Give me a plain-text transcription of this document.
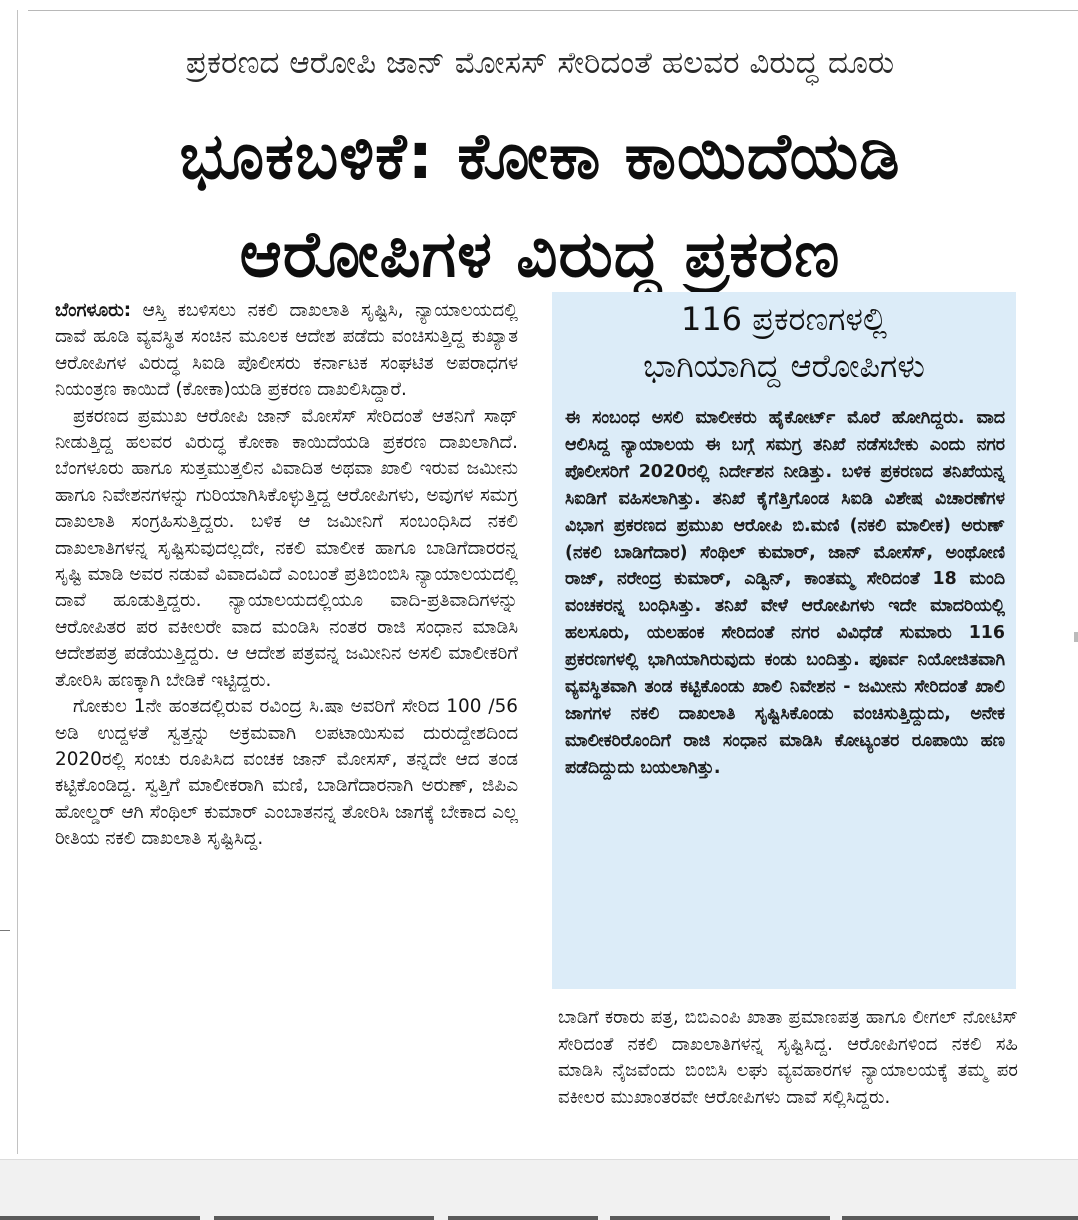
ಪ್ರಕರಣದ ಆರೋಪಿ ಜಾನ್ ಮೋಸಸ್ ಸೇರಿದಂತೆ ಹಲವರ ವಿರುದ್ಧ ದೂರು
ಭೂಕಬಳಿಕೆ: ಕೋಕಾ ಕಾಯಿದೆಯಡಿ
ಆರೋಪಿಗಳ ವಿರುದ್ಧ ಪ್ರಕರಣ

ಬೆಂಗಳೂರು: ಆಸ್ತಿ ಕಬಳಿಸಲು ನಕಲಿ ದಾಖಲಾತಿ ಸೃಷ್ಟಿಸಿ, ನ್ಯಾಯಾಲಯದಲ್ಲಿ ದಾವೆ ಹೂಡಿ ವ್ಯವಸ್ಥಿತ ಸಂಚಿನ ಮೂಲಕ ಆದೇಶ ಪಡೆದು ವಂಚಿಸುತ್ತಿದ್ದ ಕುಖ್ಯಾತ ಆರೋಪಿಗಳ ವಿರುದ್ಧ ಸಿಐಡಿ ಪೊಲೀಸರು ಕರ್ನಾಟಕ ಸಂಘಟಿತ ಅಪರಾಧಗಳ ನಿಯಂತ್ರಣ ಕಾಯಿದೆ (ಕೋಕಾ)ಯಡಿ ಪ್ರಕರಣ ದಾಖಲಿಸಿದ್ದಾರೆ.

ಪ್ರಕರಣದ ಪ್ರಮುಖ ಆರೋಪಿ ಜಾನ್ ಮೋಸೆಸ್ ಸೇರಿದಂತೆ ಆತನಿಗೆ ಸಾಥ್ ನೀಡುತ್ತಿದ್ದ ಹಲವರ ವಿರುದ್ಧ ಕೋಕಾ ಕಾಯಿದೆಯಡಿ ಪ್ರಕರಣ ದಾಖಲಾಗಿದೆ. ಬೆಂಗಳೂರು ಹಾಗೂ ಸುತ್ತಮುತ್ತಲಿನ ವಿವಾದಿತ ಅಥವಾ ಖಾಲಿ ಇರುವ ಜಮೀನು ಹಾಗೂ ನಿವೇಶನಗಳನ್ನು ಗುರಿಯಾಗಿಸಿಕೊಳ್ಳುತ್ತಿದ್ದ ಆರೋಪಿಗಳು, ಅವುಗಳ ಸಮಗ್ರ ದಾಖಲಾತಿ ಸಂಗ್ರಹಿಸುತ್ತಿದ್ದರು. ಬಳಿಕ ಆ ಜಮೀನಿಗೆ ಸಂಬಂಧಿಸಿದ ನಕಲಿ ದಾಖಲಾತಿಗಳನ್ನ ಸೃಷ್ಟಿಸುವುದಲ್ಲದೇ, ನಕಲಿ ಮಾಲೀಕ ಹಾಗೂ ಬಾಡಿಗೆದಾರರನ್ನ ಸೃಷ್ಟಿ ಮಾಡಿ ಅವರ ನಡುವೆ ವಿವಾದವಿದೆ ಎಂಬಂತೆ ಪ್ರತಿಬಿಂಬಿಸಿ ನ್ಯಾಯಾಲಯದಲ್ಲಿ ದಾವೆ ಹೂಡುತ್ತಿದ್ದರು. ನ್ಯಾಯಾಲಯದಲ್ಲಿಯೂ ವಾದಿ-ಪ್ರತಿವಾದಿಗಳನ್ನು ಆರೋಪಿತರ ಪರ ವಕೀಲರೇ ವಾದ ಮಂಡಿಸಿ ನಂತರ ರಾಜಿ ಸಂಧಾನ ಮಾಡಿಸಿ ಆದೇಶಪತ್ರ ಪಡೆಯುತ್ತಿದ್ದರು. ಆ ಆದೇಶ ಪತ್ರವನ್ನ ಜಮೀನಿನ ಅಸಲಿ ಮಾಲೀಕರಿಗೆ ತೋರಿಸಿ ಹಣಕ್ಕಾಗಿ ಬೇಡಿಕೆ ಇಟ್ಟಿದ್ದರು.

ಗೋಕುಲ 1ನೇ ಹಂತದಲ್ಲಿರುವ ರವಿಂದ್ರ ಸಿ.ಷಾ ಅವರಿಗೆ ಸೇರಿದ 100 /56 ಅಡಿ ಉದ್ದಳತೆ ಸ್ವತ್ತನ್ನು ಅಕ್ರಮವಾಗಿ ಲಪಟಾಯಿಸುವ ದುರುದ್ದೇಶದಿಂದ 2020ರಲ್ಲಿ ಸಂಚು ರೂಪಿಸಿದ ವಂಚಕ ಜಾನ್ ಮೋಸಸ್, ತನ್ನದೇ ಆದ ತಂಡ ಕಟ್ಟಿಕೊಂಡಿದ್ದ. ಸ್ವತ್ತಿಗೆ ಮಾಲೀಕರಾಗಿ ಮಣಿ, ಬಾಡಿಗೆದಾರನಾಗಿ ಅರುಣ್, ಜಿಪಿಎ ಹೋಲ್ಡರ್ ಆಗಿ ಸೆಂಥಿಲ್ ಕುಮಾರ್ ಎಂಬಾತನನ್ನ ತೋರಿಸಿ ಜಾಗಕ್ಕೆ ಬೇಕಾದ ಎಲ್ಲ ರೀತಿಯ ನಕಲಿ ದಾಖಲಾತಿ ಸೃಷ್ಟಿಸಿದ್ದ.

116 ಪ್ರಕರಣಗಳಲ್ಲಿ
ಭಾಗಿಯಾಗಿದ್ದ ಆರೋಪಿಗಳು
ಈ ಸಂಬಂಧ ಅಸಲಿ ಮಾಲೀಕರು ಹೈಕೋರ್ಟ್ ಮೊರೆ ಹೋಗಿದ್ದರು. ವಾದ ಆಲಿಸಿದ್ದ ನ್ಯಾಯಾಲಯ ಈ ಬಗ್ಗೆ ಸಮಗ್ರ ತನಿಖೆ ನಡೆಸಬೇಕು ಎಂದು ನಗರ ಪೊಲೀಸರಿಗೆ 2020ರಲ್ಲಿ ನಿರ್ದೇಶನ ನೀಡಿತ್ತು. ಬಳಿಕ ಪ್ರಕರಣದ ತನಿಖೆಯನ್ನ ಸಿಐಡಿಗೆ ವಹಿಸಲಾಗಿತ್ತು. ತನಿಖೆ ಕೈಗೆತ್ತಿಗೊಂಡ ಸಿಐಡಿ ವಿಶೇಷ ವಿಚಾರಣೆಗಳ ವಿಭಾಗ ಪ್ರಕರಣದ ಪ್ರಮುಖ ಆರೋಪಿ ಬಿ.ಮಣಿ (ನಕಲಿ ಮಾಲೀಕ) ಅರುಣ್ (ನಕಲಿ ಬಾಡಿಗೆದಾರ) ಸೆಂಥಿಲ್ ಕುಮಾರ್, ಜಾನ್ ಮೋಸೆಸ್, ಅಂಥೋಣಿ ರಾಜ್, ನರೇಂದ್ರ ಕುಮಾರ್, ಎಡ್ವಿನ್, ಕಾಂತಮ್ಮ ಸೇರಿದಂತೆ 18 ಮಂದಿ ವಂಚಕರನ್ನ ಬಂಧಿಸಿತ್ತು. ತನಿಖೆ ವೇಳೆ ಆರೋಪಿಗಳು ಇದೇ ಮಾದರಿಯಲ್ಲಿ ಹಲಸೂರು, ಯಲಹಂಕ ಸೇರಿದಂತೆ ನಗರ ವಿವಿಧೆಡೆ ಸುಮಾರು 116 ಪ್ರಕರಣಗಳಲ್ಲಿ ಭಾಗಿಯಾಗಿರುವುದು ಕಂಡು ಬಂದಿತ್ತು. ಪೂರ್ವ ನಿಯೋಜಿತವಾಗಿ ವ್ಯವಸ್ಥಿತವಾಗಿ ತಂಡ ಕಟ್ಟಿಕೊಂಡು ಖಾಲಿ ನಿವೇಶನ - ಜಮೀನು ಸೇರಿದಂತೆ ಖಾಲಿ ಜಾಗಗಳ ನಕಲಿ ದಾಖಲಾತಿ ಸೃಷ್ಟಿಸಿಕೊಂಡು ವಂಚಿಸುತ್ತಿದ್ದುದು, ಅನೇಕ ಮಾಲೀಕರಿರೊಂದಿಗೆ ರಾಜಿ ಸಂಧಾನ ಮಾಡಿಸಿ ಕೋಟ್ಯಂತರ ರೂಪಾಯಿ ಹಣ ಪಡೆದಿದ್ದುದು ಬಯಲಾಗಿತ್ತು.

ಬಾಡಿಗೆ ಕರಾರು ಪತ್ರ, ಬಿಬಿಎಂಪಿ ಖಾತಾ ಪ್ರಮಾಣಪತ್ರ ಹಾಗೂ ಲೀಗಲ್ ನೋಟಿಸ್ ಸೇರಿದಂತೆ ನಕಲಿ ದಾಖಲಾತಿಗಳನ್ನ ಸೃಷ್ಟಿಸಿದ್ದ. ಆರೋಪಿಗಳಿಂದ ನಕಲಿ ಸಹಿ ಮಾಡಿಸಿ ನೈಜವೆಂದು ಬಿಂಬಿಸಿ ಲಘು ವ್ಯವಹಾರಗಳ ನ್ಯಾಯಾಲಯಕ್ಕೆ ತಮ್ಮ ಪರ ವಕೀಲರ ಮುಖಾಂತರವೇ ಆರೋಪಿಗಳು ದಾವೆ ಸಲ್ಲಿಸಿದ್ದರು.
